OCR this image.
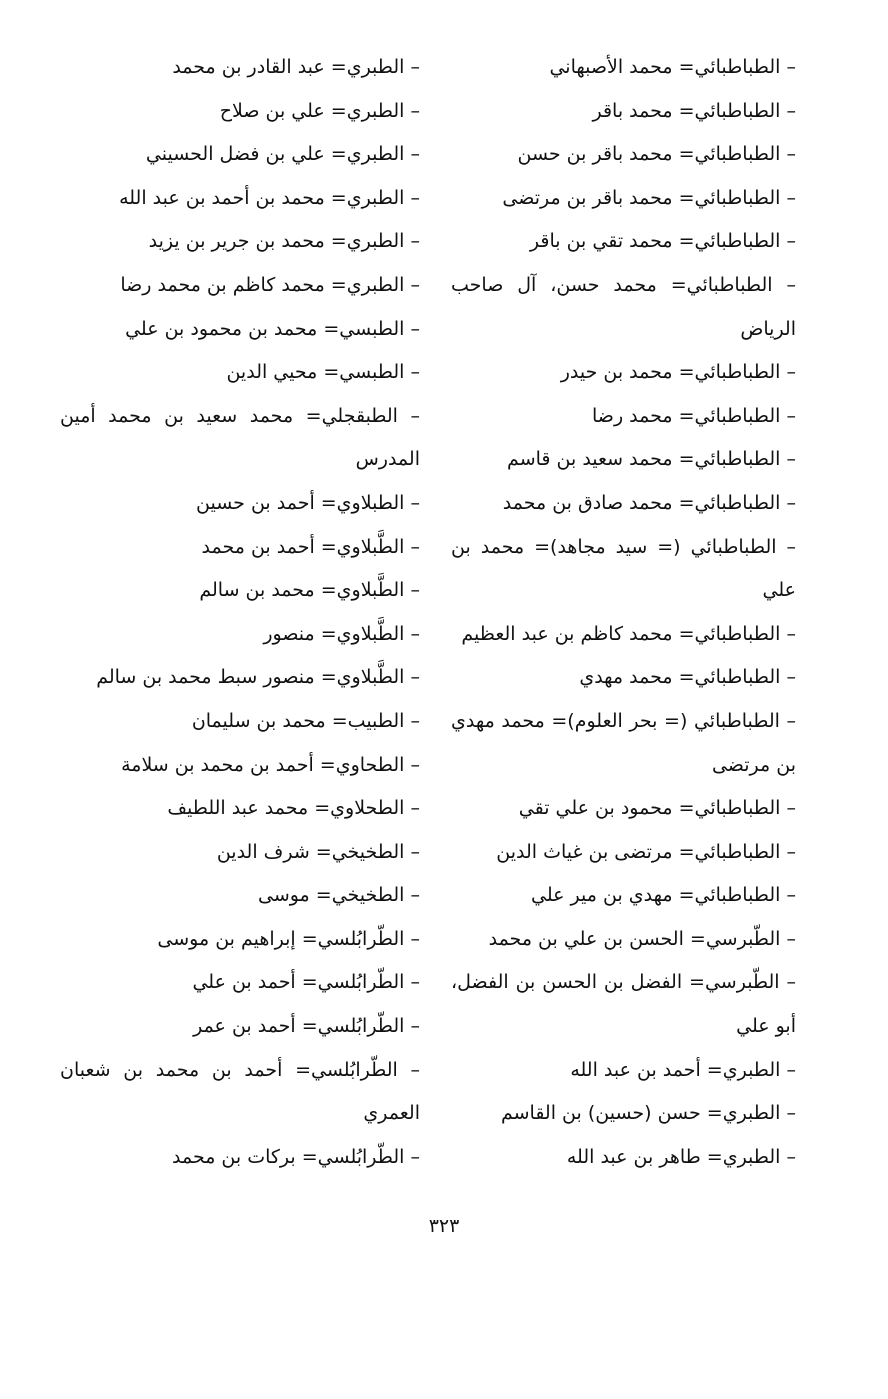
– الطباطبائي= محمد الأصبهاني
– الطباطبائي= محمد باقر
– الطباطبائي= محمد باقر بن حسن
– الطباطبائي= محمد باقر بن مرتضى
– الطباطبائي= محمد تقي بن باقر
– الطباطبائي= محمد حسن، آل صاحب الرياض
– الطباطبائي= محمد بن حيدر
– الطباطبائي= محمد رضا
– الطباطبائي= محمد سعيد بن قاسم
– الطباطبائي= محمد صادق بن محمد
– الطباطبائي (= سيد مجاهد)= محمد بن علي
– الطباطبائي= محمد كاظم بن عبد العظيم
– الطباطبائي= محمد مهدي
– الطباطبائي (= بحر العلوم)= محمد مهدي بن مرتضى
– الطباطبائي= محمود بن علي تقي
– الطباطبائي= مرتضى بن غياث الدين
– الطباطبائي= مهدي بن مير علي
– الطّبرسي= الحسن بن علي بن محمد
– الطّبرسي= الفضل بن الحسن بن الفضل، أبو علي
– الطبري= أحمد بن عبد الله
– الطبري= حسن (حسين) بن القاسم
– الطبري= طاهر بن عبد الله
– الطبري= عبد القادر بن محمد
– الطبري= علي بن صلاح
– الطبري= علي بن فضل الحسيني
– الطبري= محمد بن أحمد بن عبد الله
– الطبري= محمد بن جرير بن يزيد
– الطبري= محمد كاظم بن محمد رضا
– الطبسي= محمد بن محمود بن علي
– الطبسي= محيي الدين
– الطبقجلي= محمد سعيد بن محمد أمين المدرس
– الطبلاوي= أحمد بن حسين
– الطَّبلاوي= أحمد بن محمد
– الطَّبلاوي= محمد بن سالم
– الطَّبلاوي= منصور
– الطَّبلاوي= منصور سبط محمد بن سالم
– الطبيب= محمد بن سليمان
– الطحاوي= أحمد بن محمد بن سلامة
– الطحلاوي= محمد عبد اللطيف
– الطخيخي= شرف الدين
– الطخيخي= موسى
– الطّرابُلسي= إبراهيم بن موسى
– الطّرابُلسي= أحمد بن علي
– الطّرابُلسي= أحمد بن عمر
– الطّرابُلسي= أحمد بن محمد بن شعبان العمري
– الطّرابُلسي= بركات بن محمد
٣٢٣
